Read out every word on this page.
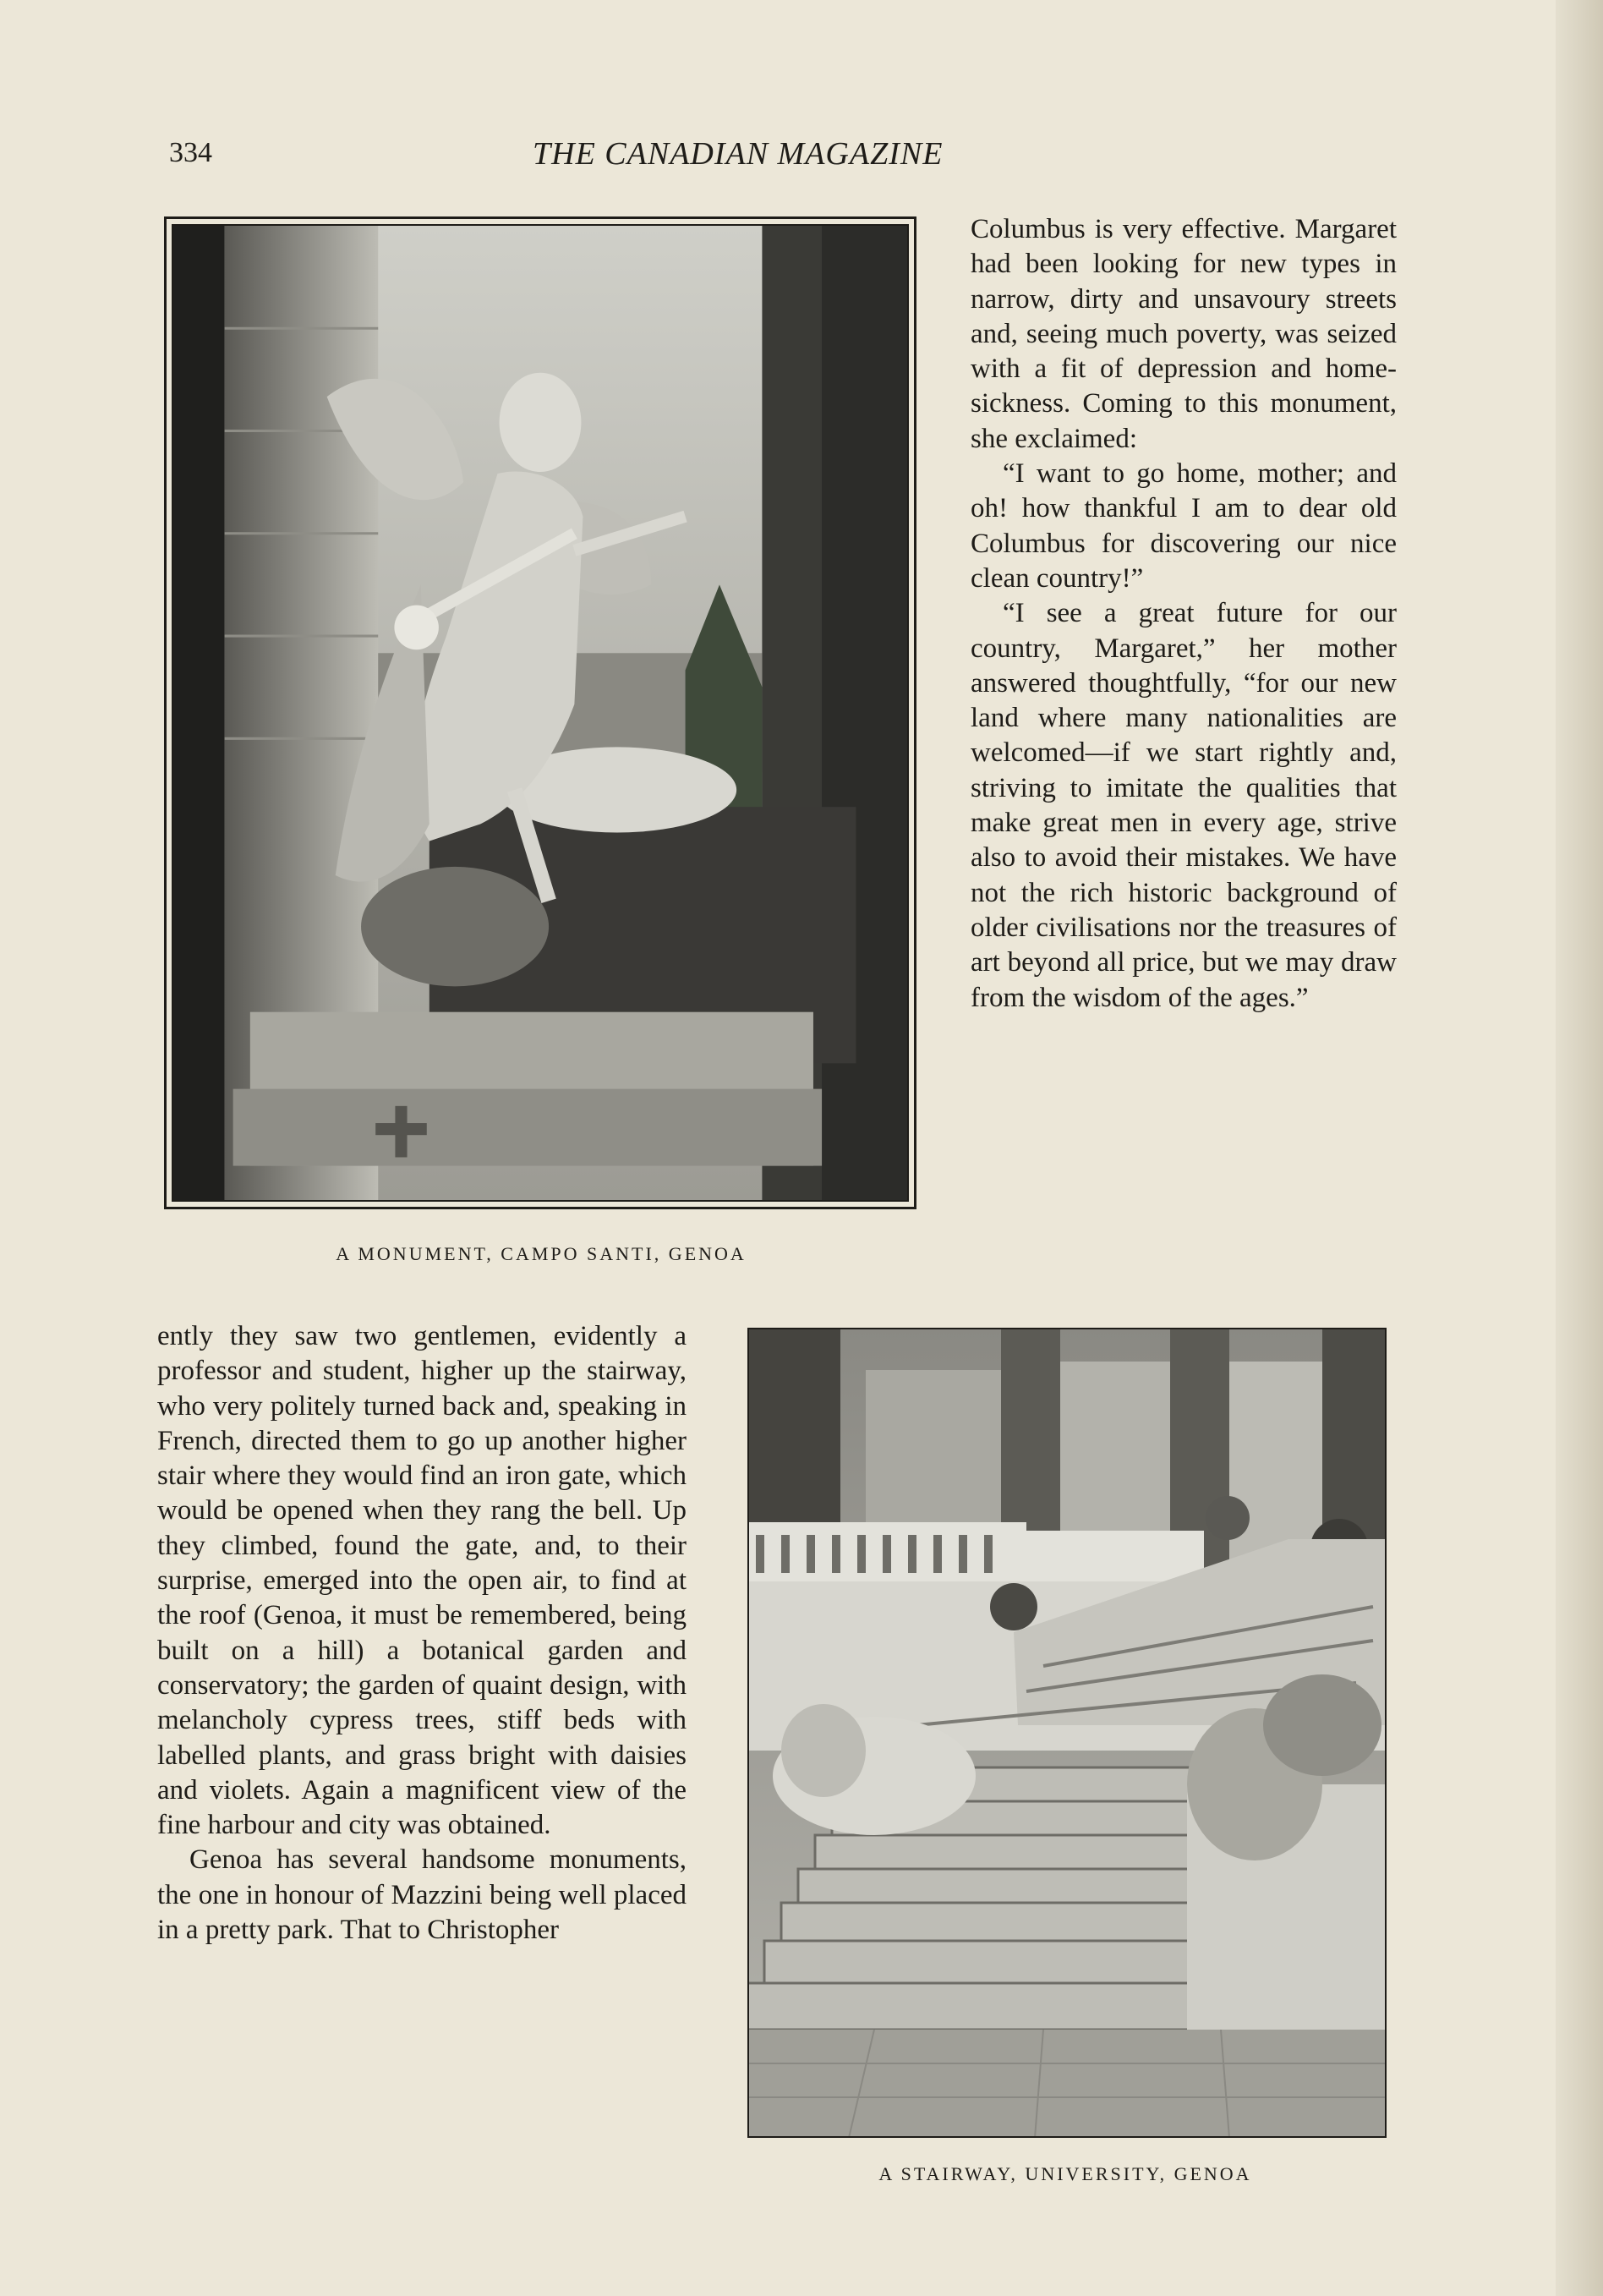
334	THE CANADIAN MAGAZINE
A MONUMENT, CAMPO SANTI, GENOA

Columbus is very effective. Margaret had been looking for new types in narrow, dirty and unsavoury streets and, seeing much poverty, was seized with a fit of depression and home-sickness. Coming to this monument, she exclaimed:

“I want to go home, mother; and oh! how thankful I am to dear old Columbus for discovering our nice clean country!”

“I see a great future for our country, Margaret,” her mother answered thoughtfully, “for our new land where many nationalities are welcomed—if we start rightly and, striving to imitate the qualities that make great men in every age, strive also to avoid their mistakes. We have not the rich historic background of older civilisations nor the treasures of art beyond all price, but we may draw from the wisdom of the ages.”

ently they saw two gentlemen, evidently a professor and student, higher up the stairway, who very politely turned back and, speaking in French, directed them to go up another higher stair where they would find an iron gate, which would be opened when they rang the bell. Up they climbed, found the gate, and, to their surprise, emerged into the open air, to find at the roof (Genoa, it must be remembered, being built on a hill) a botanical garden and conservatory; the garden of quaint design, with melancholy cypress trees, stiff beds with labelled plants, and grass bright with daisies and violets. Again a magnificent view of the fine harbour and city was obtained.

Genoa has several handsome monuments, the one in honour of Mazzini being well placed in a pretty park. That to Christopher

A STAIRWAY, UNIVERSITY, GENOA
